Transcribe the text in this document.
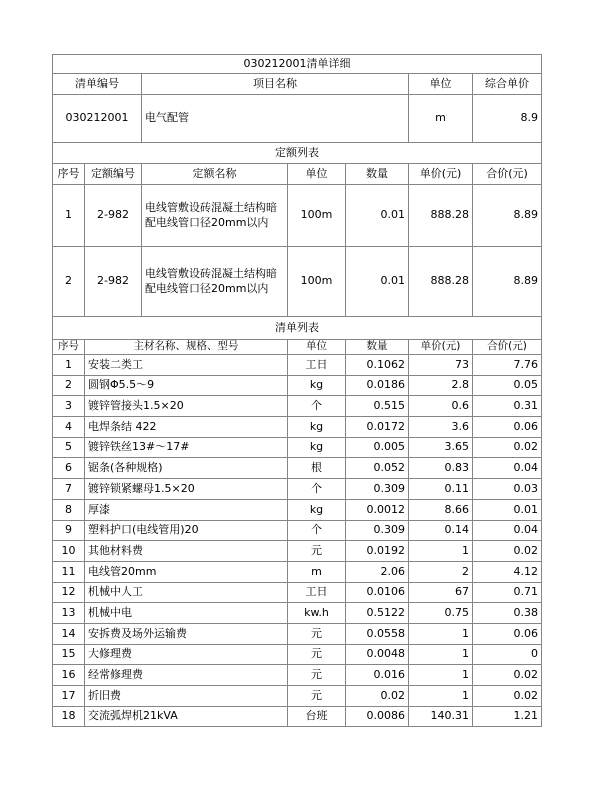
030212001清单详细						
清单编号		项目名称			单位	综合单价
030212001		电气配管			m	8.9
定额列表						
序号	定额编号	定额名称	单位	数量	单价(元)	合价(元)
1	2-982	电线管敷设砖混凝土结构暗配电线管口径20mm以内	100m	0.01	888.28	8.89
2	2-982	电线管敷设砖混凝土结构暗配电线管口径20mm以内	100m	0.01	888.28	8.89
清单列表						
序号	主材名称、规格、型号		单位	数量	单价(元)	合价(元)
1	安装二类工		工日	0.1062	73	7.76
2	圆钢Φ5.5～9		kg	0.0186	2.8	0.05
3	镀锌管接头1.5×20		个	0.515	0.6	0.31
4	电焊条结 422		kg	0.0172	3.6	0.06
5	镀锌铁丝13#～17#		kg	0.005	3.65	0.02
6	锯条(各种规格)		根	0.052	0.83	0.04
7	镀锌锁紧螺母1.5×20		个	0.309	0.11	0.03
8	厚漆		kg	0.0012	8.66	0.01
9	塑料护口(电线管用)20		个	0.309	0.14	0.04
10	其他材料费		元	0.0192	1	0.02
11	电线管20mm		m	2.06	2	4.12
12	机械中人工		工日	0.0106	67	0.71
13	机械中电		kw.h	0.5122	0.75	0.38
14	安拆费及场外运输费		元	0.0558	1	0.06
15	大修理费		元	0.0048	1	0
16	经常修理费		元	0.016	1	0.02
17	折旧费		元	0.02	1	0.02
18	交流弧焊机21kVA		台班	0.0086	140.31	1.21
